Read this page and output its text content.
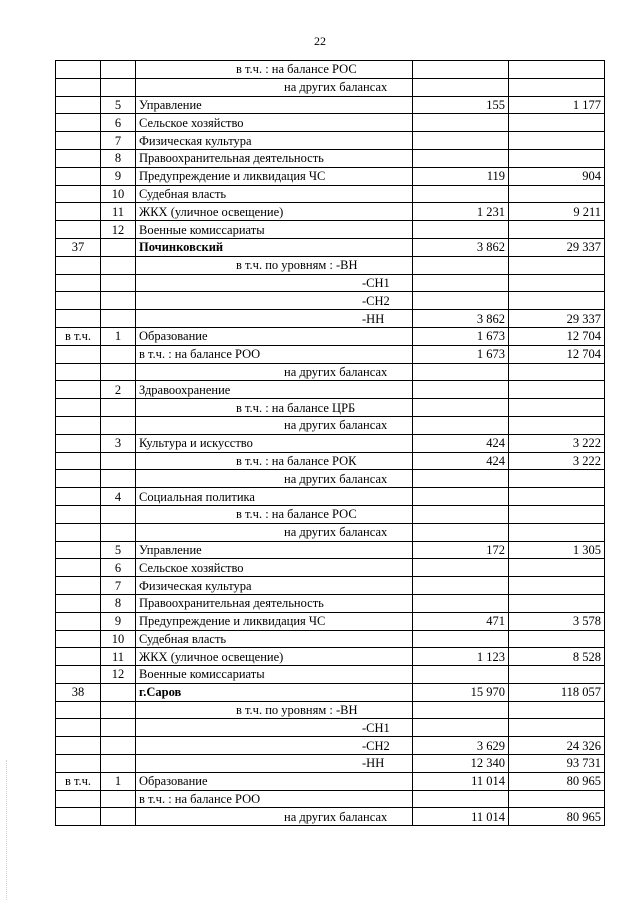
22
		в т.ч. : на балансе РОС		
		на других балансах		
	5	Управление	155	1 177
	6	Сельское хозяйство		
	7	Физическая культура		
	8	Правоохранительная деятельность		
	9	Предупреждение и ликвидация ЧС	119	904
	10	Судебная власть		
	11	ЖКХ (уличное освещение)	1 231	9 211
	12	Военные комиссариаты		
37		Починковский	3 862	29 337
		в т.ч. по уровням : -ВН		
		-СН1		
		-СН2		
		-НН	3 862	29 337
в т.ч.	1	Образование	1 673	12 704
		в т.ч. : на балансе РОО	1 673	12 704
		на других балансах		
	2	Здравоохранение		
		в т.ч. : на балансе ЦРБ		
		на других балансах		
	3	Культура и искусство	424	3 222
		в т.ч. : на балансе РОК	424	3 222
		на других балансах		
	4	Социальная политика		
		в т.ч. : на балансе РОС		
		на других балансах		
	5	Управление	172	1 305
	6	Сельское хозяйство		
	7	Физическая культура		
	8	Правоохранительная деятельность		
	9	Предупреждение и ликвидация ЧС	471	3 578
	10	Судебная власть		
	11	ЖКХ (уличное освещение)	1 123	8 528
	12	Военные комиссариаты		
38		г.Саров	15 970	118 057
		в т.ч. по уровням : -ВН		
		-СН1		
		-СН2	3 629	24 326
		-НН	12 340	93 731
в т.ч.	1	Образование	11 014	80 965
		в т.ч. : на балансе РОО		
		на других балансах	11 014	80 965
